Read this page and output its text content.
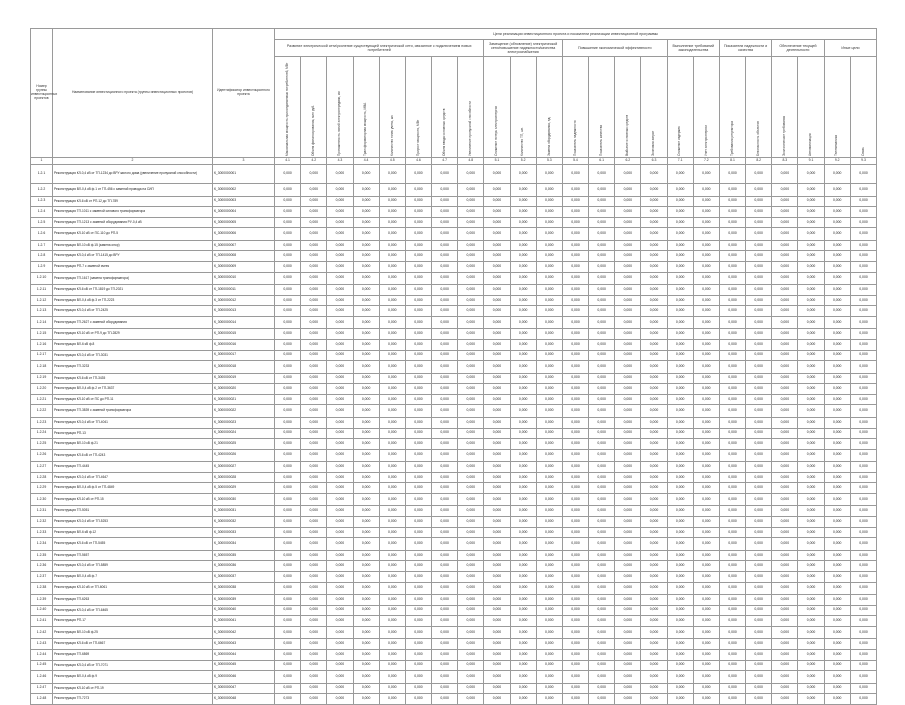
Номер группы инвестиционных проектов	Наименование инвестиционного проекта (группы инвестиционных проектов)	Идентификатор инвестиционного проекта	Цели реализации инвестиционного проекта и показатели реализации инвестиционной программы																						
			Развитие электрической сети/усиление существующей электрической сети, связанное с подключением новых потребителей								Замещение (обновление) электрической сети/повышение надежности/качества электроснабжения			Повышение экономической эффективности				Выполнение требований законодательства		Показатели надежности и качества		Обеспечение текущей деятельности		Иные цели	

			Максимальная мощность присоединяемых потребителей, МВт	Объем финансирования, млн руб.	Протяженность линий электропередачи, км	Трансформаторная мощность, МВА	Количество точек учета, шт.	Прирост мощности, МВт	Объем ввода основных средств	Увеличение пропускной способности	Снижение потерь электроэнергии	Количество ТП, шт.	Замена оборудования, ед.	Показатель надежности	Показатель качества	Выбытие основных средств	Экономия затрат	Снижение издержек	Учет электроэнергии	Требования регулятора	Безопасность объектов	Экологические требования	Автоматизация	Телемеханика	Связь

1	2	3	4.1	4.2	4.3	4.4	4.5	4.6	4.7	4.8	5.1	5.2	5.3	5.4	6.1	6.2	6.3	7.1	7.2	8.1	8.2	8.3	9.1	9.2	9.3
1.2.1	Реконструкция КЛ-0,4 кВ от ТП-1234 до ВРУ жилого дома (увеличение пропускной способности)	К_3000000001	0,000	0,000	0,000	0,000	0,000	0,000	0,000	0,000	0,000	0,000	0,000	0,000	0,000	0,000	0,000	0,000	0,000	0,000	0,000	0,000	0,000	0,000	0,000
1.2.2	Реконструкция ВЛ-0,4 кВ ф.1 от ТП-456 с заменой провода на СИП	К_3000000002	0,000	0,000	0,000	0,000	0,000	0,000	0,000	0,000	0,000	0,000	0,000	0,000	0,000	0,000	0,000	0,000	0,000	0,000	0,000	0,000	0,000	0,000	0,000
1.2.3	Реконструкция КЛ-6 кВ от РП-12 до ТП-789	К_3000000003	0,000	0,000	0,000	0,000	0,000	0,000	0,000	0,000	0,000	0,000	0,000	0,000	0,000	0,000	0,000	0,000	0,000	0,000	0,000	0,000	0,000	0,000	0,000
1.2.4	Реконструкция ТП-1011 с заменой силового трансформатора	К_3000000004	0,000	0,000	0,000	0,000	0,000	0,000	0,000	0,000	0,000	0,000	0,000	0,000	0,000	0,000	0,000	0,000	0,000	0,000	0,000	0,000	0,000	0,000	0,000
1.2.5	Реконструкция ТП-1213 с заменой оборудования РУ-0,4 кВ	К_3000000005	0,000	0,000	0,000	0,000	0,000	0,000	0,000	0,000	0,000	0,000	0,000	0,000	0,000	0,000	0,000	0,000	0,000	0,000	0,000	0,000	0,000	0,000	0,000
1.2.6	Реконструкция КЛ-10 кВ от ПС-110 до РП-5	К_3000000006	0,000	0,000	0,000	0,000	0,000	0,000	0,000	0,000	0,000	0,000	0,000	0,000	0,000	0,000	0,000	0,000	0,000	0,000	0,000	0,000	0,000	0,000	0,000
1.2.7	Реконструкция ВЛ-10 кВ ф.15 (замена опор)	К_3000000007	0,000	0,000	0,000	0,000	0,000	0,000	0,000	0,000	0,000	0,000	0,000	0,000	0,000	0,000	0,000	0,000	0,000	0,000	0,000	0,000	0,000	0,000	0,000
1.2.8	Реконструкция КЛ-0,4 кВ от ТП-1415 до ВРУ	К_3000000008	0,000	0,000	0,000	0,000	0,000	0,000	0,000	0,000	0,000	0,000	0,000	0,000	0,000	0,000	0,000	0,000	0,000	0,000	0,000	0,000	0,000	0,000	0,000
1.2.9	Реконструкция РП-7 с заменой ячеек	К_3000000009	0,000	0,000	0,000	0,000	0,000	0,000	0,000	0,000	0,000	0,000	0,000	0,000	0,000	0,000	0,000	0,000	0,000	0,000	0,000	0,000	0,000	0,000	0,000
1.2.10	Реконструкция ТП-1617 (замена трансформатора)	К_3000000010	0,000	0,000	0,000	0,000	0,000	0,000	0,000	0,000	0,000	0,000	0,000	0,000	0,000	0,000	0,000	0,000	0,000	0,000	0,000	0,000	0,000	0,000	0,000
1.2.11	Реконструкция КЛ-6 кВ от ТП-1819 до ТП-2021	К_3000000011	0,000	0,000	0,000	0,000	0,000	0,000	0,000	0,000	0,000	0,000	0,000	0,000	0,000	0,000	0,000	0,000	0,000	0,000	0,000	0,000	0,000	0,000	0,000
1.2.12	Реконструкция ВЛ-0,4 кВ ф.3 от ТП-2223	К_3000000012	0,000	0,000	0,000	0,000	0,000	0,000	0,000	0,000	0,000	0,000	0,000	0,000	0,000	0,000	0,000	0,000	0,000	0,000	0,000	0,000	0,000	0,000	0,000
1.2.13	Реконструкция КЛ-0,4 кВ от ТП-2425	К_3000000013	0,000	0,000	0,000	0,000	0,000	0,000	0,000	0,000	0,000	0,000	0,000	0,000	0,000	0,000	0,000	0,000	0,000	0,000	0,000	0,000	0,000	0,000	0,000
1.2.14	Реконструкция ТП-2627 с заменой оборудования	К_3000000014	0,000	0,000	0,000	0,000	0,000	0,000	0,000	0,000	0,000	0,000	0,000	0,000	0,000	0,000	0,000	0,000	0,000	0,000	0,000	0,000	0,000	0,000	0,000
1.2.15	Реконструкция КЛ-10 кВ от РП-9 до ТП-2829	К_3000000015	0,000	0,000	0,000	0,000	0,000	0,000	0,000	0,000	0,000	0,000	0,000	0,000	0,000	0,000	0,000	0,000	0,000	0,000	0,000	0,000	0,000	0,000	0,000
1.2.16	Реконструкция ВЛ-6 кВ ф.8	К_3000000016	0,000	0,000	0,000	0,000	0,000	0,000	0,000	0,000	0,000	0,000	0,000	0,000	0,000	0,000	0,000	0,000	0,000	0,000	0,000	0,000	0,000	0,000	0,000
1.2.17	Реконструкция КЛ-0,4 кВ от ТП-3031	К_3000000017	0,000	0,000	0,000	0,000	0,000	0,000	0,000	0,000	0,000	0,000	0,000	0,000	0,000	0,000	0,000	0,000	0,000	0,000	0,000	0,000	0,000	0,000	0,000
1.2.18	Реконструкция ТП-3233	К_3000000018	0,000	0,000	0,000	0,000	0,000	0,000	0,000	0,000	0,000	0,000	0,000	0,000	0,000	0,000	0,000	0,000	0,000	0,000	0,000	0,000	0,000	0,000	0,000
1.2.19	Реконструкция КЛ-6 кВ от ТП-3435	К_3000000019	0,000	0,000	0,000	0,000	0,000	0,000	0,000	0,000	0,000	0,000	0,000	0,000	0,000	0,000	0,000	0,000	0,000	0,000	0,000	0,000	0,000	0,000	0,000
1.2.20	Реконструкция ВЛ-0,4 кВ ф.2 от ТП-3637	К_3000000020	0,000	0,000	0,000	0,000	0,000	0,000	0,000	0,000	0,000	0,000	0,000	0,000	0,000	0,000	0,000	0,000	0,000	0,000	0,000	0,000	0,000	0,000	0,000
1.2.21	Реконструкция КЛ-10 кВ от ПС до РП-11	К_3000000021	0,000	0,000	0,000	0,000	0,000	0,000	0,000	0,000	0,000	0,000	0,000	0,000	0,000	0,000	0,000	0,000	0,000	0,000	0,000	0,000	0,000	0,000	0,000
1.2.22	Реконструкция ТП-3839 с заменой трансформатора	К_3000000022	0,000	0,000	0,000	0,000	0,000	0,000	0,000	0,000	0,000	0,000	0,000	0,000	0,000	0,000	0,000	0,000	0,000	0,000	0,000	0,000	0,000	0,000	0,000
1.2.23	Реконструкция КЛ-0,4 кВ от ТП-4041	К_3000000023	0,000	0,000	0,000	0,000	0,000	0,000	0,000	0,000	0,000	0,000	0,000	0,000	0,000	0,000	0,000	0,000	0,000	0,000	0,000	0,000	0,000	0,000	0,000
1.2.24	Реконструкция РП-13	К_3000000024	0,000	0,000	0,000	0,000	0,000	0,000	0,000	0,000	0,000	0,000	0,000	0,000	0,000	0,000	0,000	0,000	0,000	0,000	0,000	0,000	0,000	0,000	0,000
1.2.25	Реконструкция ВЛ-10 кВ ф.21	К_3000000025	0,000	0,000	0,000	0,000	0,000	0,000	0,000	0,000	0,000	0,000	0,000	0,000	0,000	0,000	0,000	0,000	0,000	0,000	0,000	0,000	0,000	0,000	0,000
1.2.26	Реконструкция КЛ-6 кВ от ТП-4243	К_3000000026	0,000	0,000	0,000	0,000	0,000	0,000	0,000	0,000	0,000	0,000	0,000	0,000	0,000	0,000	0,000	0,000	0,000	0,000	0,000	0,000	0,000	0,000	0,000
1.2.27	Реконструкция ТП-4445	К_3000000027	0,000	0,000	0,000	0,000	0,000	0,000	0,000	0,000	0,000	0,000	0,000	0,000	0,000	0,000	0,000	0,000	0,000	0,000	0,000	0,000	0,000	0,000	0,000
1.2.28	Реконструкция КЛ-0,4 кВ от ТП-4647	К_3000000028	0,000	0,000	0,000	0,000	0,000	0,000	0,000	0,000	0,000	0,000	0,000	0,000	0,000	0,000	0,000	0,000	0,000	0,000	0,000	0,000	0,000	0,000	0,000
1.2.29	Реконструкция ВЛ-0,4 кВ ф.5 от ТП-4849	К_3000000029	0,000	0,000	0,000	0,000	0,000	0,000	0,000	0,000	0,000	0,000	0,000	0,000	0,000	0,000	0,000	0,000	0,000	0,000	0,000	0,000	0,000	0,000	0,000
1.2.30	Реконструкция КЛ-10 кВ от РП-15	К_3000000030	0,000	0,000	0,000	0,000	0,000	0,000	0,000	0,000	0,000	0,000	0,000	0,000	0,000	0,000	0,000	0,000	0,000	0,000	0,000	0,000	0,000	0,000	0,000
1.2.31	Реконструкция ТП-5051	К_3000000031	0,000	0,000	0,000	0,000	0,000	0,000	0,000	0,000	0,000	0,000	0,000	0,000	0,000	0,000	0,000	0,000	0,000	0,000	0,000	0,000	0,000	0,000	0,000
1.2.32	Реконструкция КЛ-0,4 кВ от ТП-5253	К_3000000032	0,000	0,000	0,000	0,000	0,000	0,000	0,000	0,000	0,000	0,000	0,000	0,000	0,000	0,000	0,000	0,000	0,000	0,000	0,000	0,000	0,000	0,000	0,000
1.2.33	Реконструкция ВЛ-6 кВ ф.12	К_3000000033	0,000	0,000	0,000	0,000	0,000	0,000	0,000	0,000	0,000	0,000	0,000	0,000	0,000	0,000	0,000	0,000	0,000	0,000	0,000	0,000	0,000	0,000	0,000
1.2.34	Реконструкция КЛ-6 кВ от ТП-5455	К_3000000034	0,000	0,000	0,000	0,000	0,000	0,000	0,000	0,000	0,000	0,000	0,000	0,000	0,000	0,000	0,000	0,000	0,000	0,000	0,000	0,000	0,000	0,000	0,000
1.2.35	Реконструкция ТП-5657	К_3000000035	0,000	0,000	0,000	0,000	0,000	0,000	0,000	0,000	0,000	0,000	0,000	0,000	0,000	0,000	0,000	0,000	0,000	0,000	0,000	0,000	0,000	0,000	0,000
1.2.36	Реконструкция КЛ-0,4 кВ от ТП-5859	К_3000000036	0,000	0,000	0,000	0,000	0,000	0,000	0,000	0,000	0,000	0,000	0,000	0,000	0,000	0,000	0,000	0,000	0,000	0,000	0,000	0,000	0,000	0,000	0,000
1.2.37	Реконструкция ВЛ-0,4 кВ ф.7	К_3000000037	0,000	0,000	0,000	0,000	0,000	0,000	0,000	0,000	0,000	0,000	0,000	0,000	0,000	0,000	0,000	0,000	0,000	0,000	0,000	0,000	0,000	0,000	0,000
1.2.38	Реконструкция КЛ-10 кВ от ТП-6061	К_3000000038	0,000	0,000	0,000	0,000	0,000	0,000	0,000	0,000	0,000	0,000	0,000	0,000	0,000	0,000	0,000	0,000	0,000	0,000	0,000	0,000	0,000	0,000	0,000
1.2.39	Реконструкция ТП-6263	К_3000000039	0,000	0,000	0,000	0,000	0,000	0,000	0,000	0,000	0,000	0,000	0,000	0,000	0,000	0,000	0,000	0,000	0,000	0,000	0,000	0,000	0,000	0,000	0,000
1.2.40	Реконструкция КЛ-0,4 кВ от ТП-6465	К_3000000040	0,000	0,000	0,000	0,000	0,000	0,000	0,000	0,000	0,000	0,000	0,000	0,000	0,000	0,000	0,000	0,000	0,000	0,000	0,000	0,000	0,000	0,000	0,000
1.2.41	Реконструкция РП-17	К_3000000041	0,000	0,000	0,000	0,000	0,000	0,000	0,000	0,000	0,000	0,000	0,000	0,000	0,000	0,000	0,000	0,000	0,000	0,000	0,000	0,000	0,000	0,000	0,000
1.2.42	Реконструкция ВЛ-10 кВ ф.25	К_3000000042	0,000	0,000	0,000	0,000	0,000	0,000	0,000	0,000	0,000	0,000	0,000	0,000	0,000	0,000	0,000	0,000	0,000	0,000	0,000	0,000	0,000	0,000	0,000
1.2.43	Реконструкция КЛ-6 кВ от ТП-6667	К_3000000043	0,000	0,000	0,000	0,000	0,000	0,000	0,000	0,000	0,000	0,000	0,000	0,000	0,000	0,000	0,000	0,000	0,000	0,000	0,000	0,000	0,000	0,000	0,000
1.2.44	Реконструкция ТП-6869	К_3000000044	0,000	0,000	0,000	0,000	0,000	0,000	0,000	0,000	0,000	0,000	0,000	0,000	0,000	0,000	0,000	0,000	0,000	0,000	0,000	0,000	0,000	0,000	0,000
1.2.45	Реконструкция КЛ-0,4 кВ от ТП-7071	К_3000000045	0,000	0,000	0,000	0,000	0,000	0,000	0,000	0,000	0,000	0,000	0,000	0,000	0,000	0,000	0,000	0,000	0,000	0,000	0,000	0,000	0,000	0,000	0,000
1.2.46	Реконструкция ВЛ-0,4 кВ ф.9	К_3000000046	0,000	0,000	0,000	0,000	0,000	0,000	0,000	0,000	0,000	0,000	0,000	0,000	0,000	0,000	0,000	0,000	0,000	0,000	0,000	0,000	0,000	0,000	0,000
1.2.47	Реконструкция КЛ-10 кВ от РП-19	К_3000000047	0,000	0,000	0,000	0,000	0,000	0,000	0,000	0,000	0,000	0,000	0,000	0,000	0,000	0,000	0,000	0,000	0,000	0,000	0,000	0,000	0,000	0,000	0,000
1.2.48	Реконструкция ТП-7273	К_3000000048	0,000	0,000	0,000	0,000	0,000	0,000	0,000	0,000	0,000	0,000	0,000	0,000	0,000	0,000	0,000	0,000	0,000	0,000	0,000	0,000	0,000	0,000	0,000
